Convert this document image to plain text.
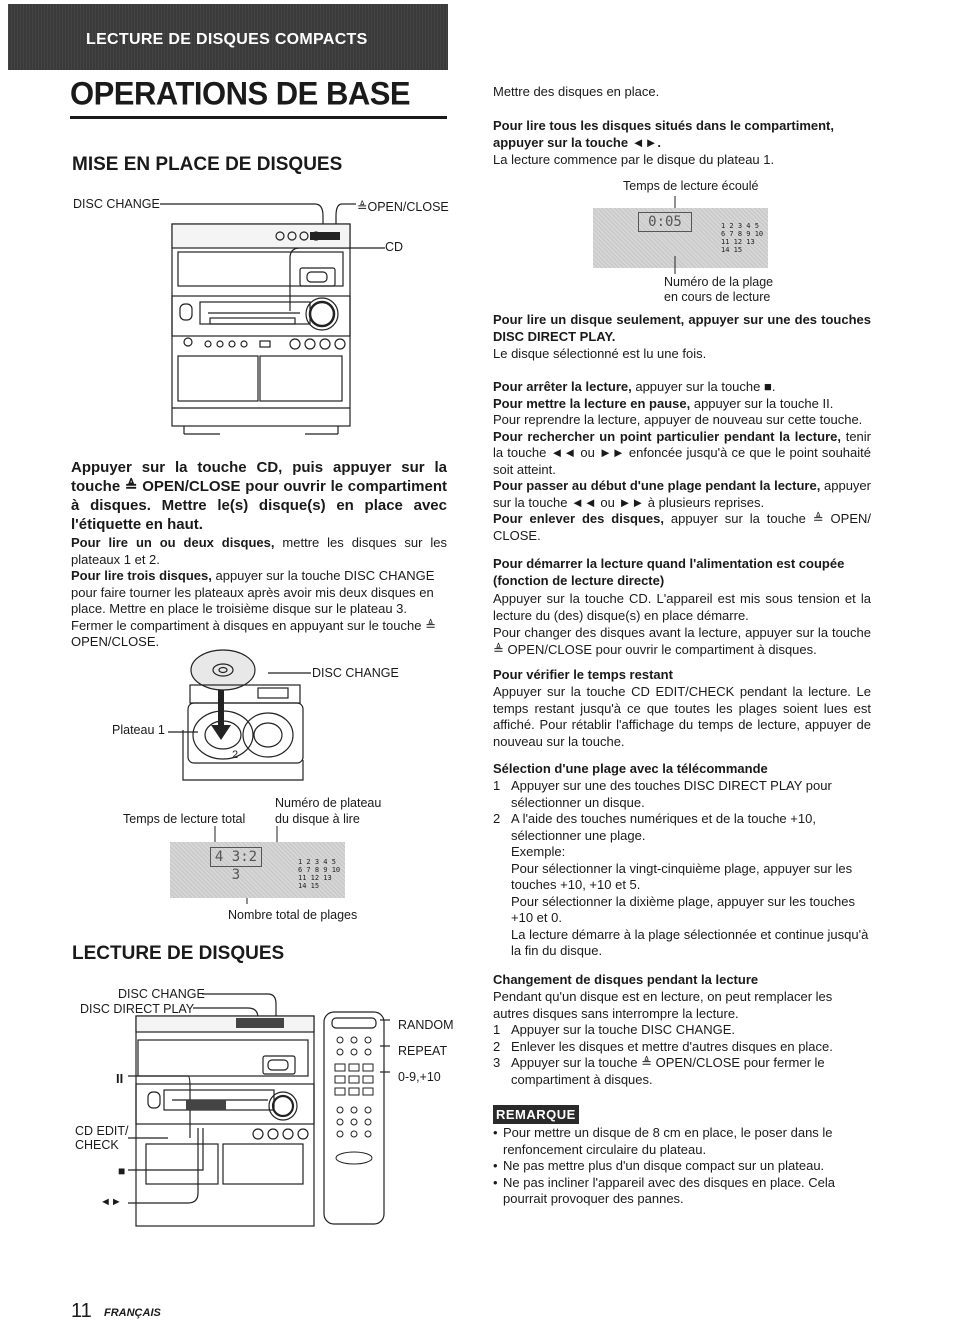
LECTURE DE DISQUES COMPACTS
OPERATIONS DE BASE
MISE EN PLACE DE DISQUES
DISC CHANGE	≜OPEN/CLOSE
CD
Appuyer sur la touche CD, puis appuyer sur la touche ≜ OPEN/CLOSE pour ouvrir le compartiment à disques. Mettre le(s) disque(s) en place avec l'étiquette en haut.
Pour lire un ou deux disques, mettre les disques sur les plateaux 1 et 2.
Pour lire trois disques, appuyer sur la touche DISC CHANGE pour faire tourner les plateaux après avoir mis deux disques en place. Mettre en place le troisième disque sur le plateau 3. Fermer le compartiment à disques en appuyant sur le touche ≜ OPEN/CLOSE.
DISC CHANGE
Plateau 1
2
Numéro de plateau
du disque à lire
Temps de lecture total
4 3:2 3
1 2 3 4 5 6 7 8 9 10 11 12 13 14 15
Nombre total de plages
LECTURE DE DISQUES
DISC CHANGE
DISC DIRECT PLAY
II
CD EDIT/
CHECK
■
◄►
RANDOM
REPEAT
0-9,+10
11 FRANÇAIS
Mettre des disques en place.
Pour lire tous les disques situés dans le compartiment, appuyer sur la touche ◄►.
La lecture commence par le disque du plateau 1.
Temps de lecture écoulé
0:05	1 2 3 4 5 6 7 8 9 10 11 12 13 14 15
Numéro de la plage
en cours de lecture
Pour lire un disque seulement, appuyer sur une des touches DISC DIRECT PLAY.
Le disque sélectionné est lu une fois.
Pour arrêter la lecture, appuyer sur la touche ■.
Pour mettre la lecture en pause, appuyer sur la touche II.
Pour reprendre la lecture, appuyer de nouveau sur cette touche.
Pour rechercher un point particulier pendant la lecture, tenir la touche ◄◄ ou ►► enfoncée jusqu'à ce que le point souhaité soit atteint.
Pour passer au début d'une plage pendant la lecture, appuyer sur la touche ◄◄ ou ►► à plusieurs reprises.
Pour enlever des disques, appuyer sur la touche ≜ OPEN/ CLOSE.
Pour démarrer la lecture quand l'alimentation est coupée (fonction de lecture directe)
Appuyer sur la touche CD. L'appareil est mis sous tension et la lecture du (des) disque(s) en place démarre.
Pour changer des disques avant la lecture, appuyer sur la touche ≜ OPEN/CLOSE pour ouvrir le compartiment à disques.
Pour vérifier le temps restant
Appuyer sur la touche CD EDIT/CHECK pendant la lecture. Le temps restant jusqu'à ce que toutes les plages soient lues est affiché. Pour rétablir l'affichage du temps de lecture, appuyer de nouveau sur la touche.
Sélection d'une plage avec la télécommande
1 Appuyer sur une des touches DISC DIRECT PLAY pour sélectionner un disque.
2 A l'aide des touches numériques et de la touche +10, sélectionner une plage.
Exemple:
Pour sélectionner la vingt-cinquième plage, appuyer sur les touches +10, +10 et 5.
Pour sélectionner la dixième plage, appuyer sur les touches +10 et 0.
La lecture démarre à la plage sélectionnée et continue jusqu'à la fin du disque.
Changement de disques pendant la lecture
Pendant qu'un disque est en lecture, on peut remplacer les autres disques sans interrompre la lecture.
1 Appuyer sur la touche DISC CHANGE.
2 Enlever les disques et mettre d'autres disques en place.
3 Appuyer sur la touche ≜ OPEN/CLOSE pour fermer le compartiment à disques.
REMARQUE
• Pour mettre un disque de 8 cm en place, le poser dans le renfoncement circulaire du plateau.
• Ne pas mettre plus d'un disque compact sur un plateau.
• Ne pas incliner l'appareil avec des disques en place. Cela pourrait provoquer des pannes.
